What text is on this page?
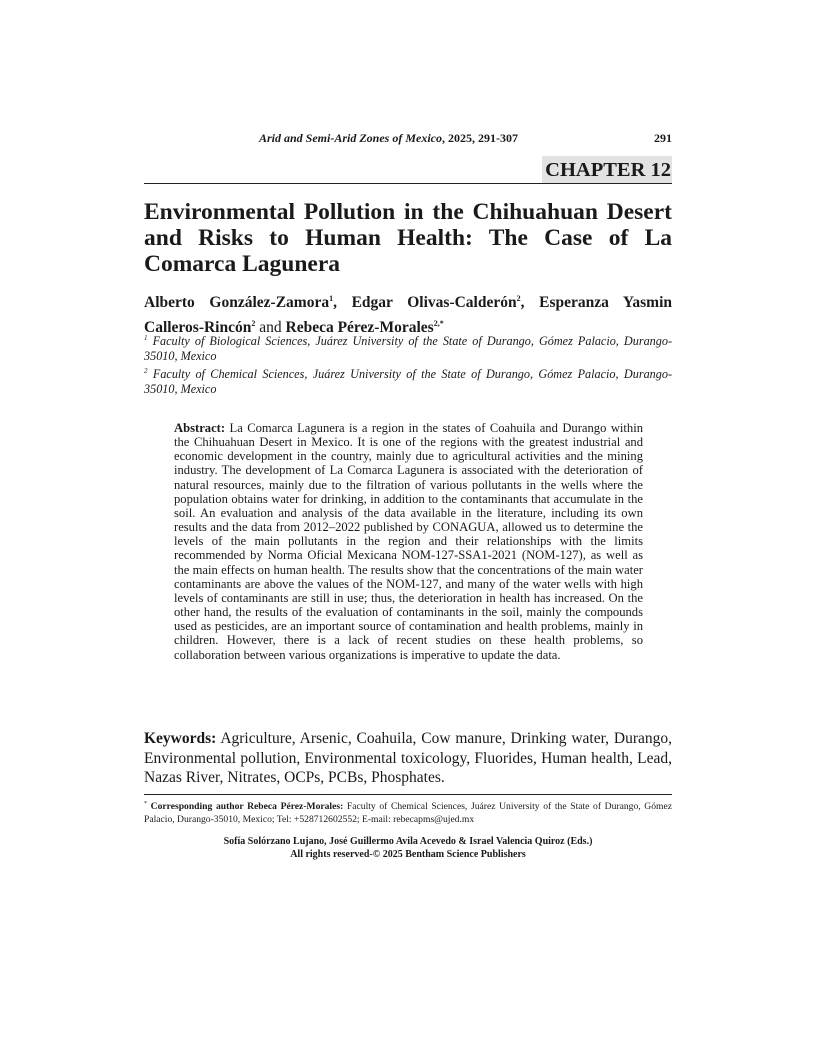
Arid and Semi-Arid Zones of Mexico, 2025, 291-307	291
CHAPTER 12
Environmental Pollution in the Chihuahuan Desert and Risks to Human Health: The Case of La Comarca Lagunera

Alberto González-Zamora$^1$, Edgar Olivas-Calderón$^2$, Esperanza Yasmin Calleros-Rincón$^2$ and Rebeca Pérez-Morales$^{2,*}$

$^1$ Faculty of Biological Sciences, Juárez University of the State of Durango, Gómez Palacio, Durango-35010, Mexico

$^2$ Faculty of Chemical Sciences, Juárez University of the State of Durango, Gómez Palacio, Durango-35010, Mexico

Abstract: La Comarca Lagunera is a region in the states of Coahuila and Durango within the Chihuahuan Desert in Mexico. It is one of the regions with the greatest industrial and economic development in the country, mainly due to agricultural activities and the mining industry. The development of La Comarca Lagunera is associated with the deterioration of natural resources, mainly due to the filtration of various pollutants in the wells where the population obtains water for drinking, in addition to the contaminants that accumulate in the soil. An evaluation and analysis of the data available in the literature, including its own results and the data from 2012–2022 published by CONAGUA, allowed us to determine the levels of the main pollutants in the region and their relationships with the limits recommended by Norma Oficial Mexicana NOM-127-SSA1-2021 (NOM-127), as well as the main effects on human health. The results show that the concentrations of the main water contaminants are above the values of the NOM-127, and many of the water wells with high levels of contaminants are still in use; thus, the deterioration in health has increased. On the other hand, the results of the evaluation of contaminants in the soil, mainly the compounds used as pesticides, are an important source of contamination and health problems, mainly in children. However, there is a lack of recent studies on these health problems, so collaboration between various organizations is imperative to update the data.

Keywords: Agriculture, Arsenic, Coahuila, Cow manure, Drinking water, Durango, Environmental pollution, Environmental toxicology, Fluorides, Human health, Lead, Nazas River, Nitrates, OCPs, PCBs, Phosphates.

* Corresponding author Rebeca Pérez-Morales: Faculty of Chemical Sciences, Juárez University of the State of Durango, Gómez Palacio, Durango-35010, Mexico; Tel: +528712602552; E-mail: rebecapms@ujed.mx

Sofía Solórzano Lujano, José Guillermo Avila Acevedo & Israel Valencia Quiroz (Eds.)
All rights reserved-© 2025 Bentham Science Publishers
